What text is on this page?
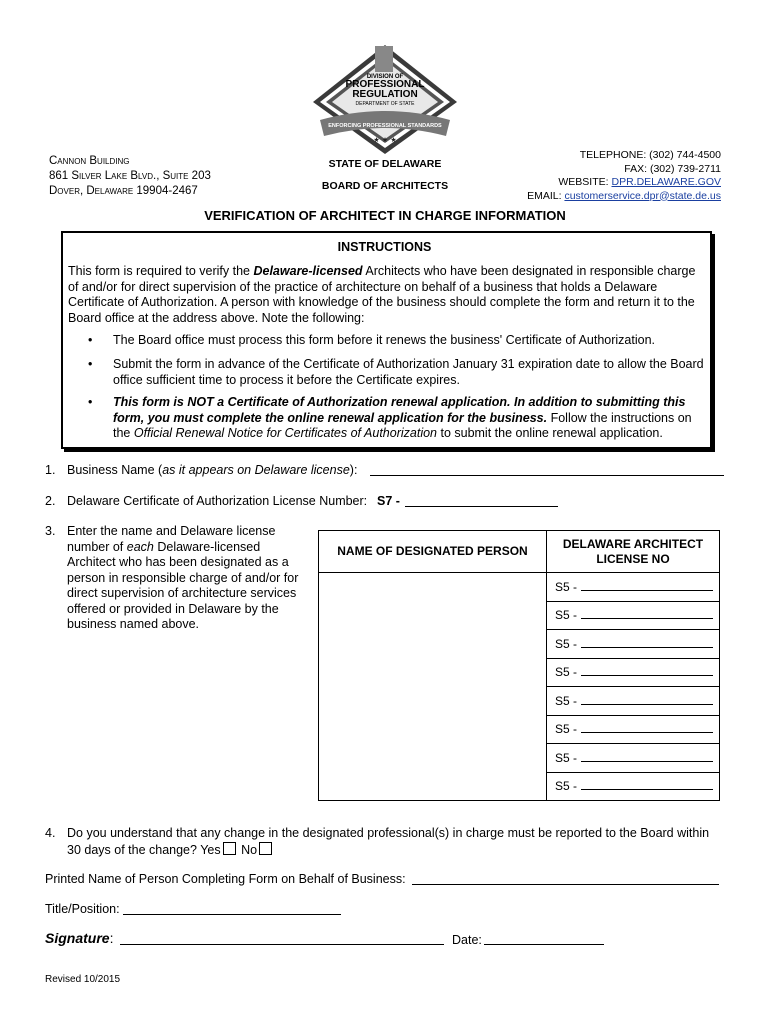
DIVISION OF
PROFESSIONAL
REGULATION
DEPARTMENT OF STATE
ENFORCING PROFESSIONAL STANDARDS
★ ★ ★
Cannon Building
861 Silver Lake Blvd., Suite 203
Dover, Delaware 19904-2467
STATE OF DELAWARE
BOARD OF ARCHITECTS
TELEPHONE: (302) 744-4500
FAX: (302) 739-2711
WEBSITE: DPR.DELAWARE.GOV
EMAIL: customerservice.dpr@state.de.us
VERIFICATION OF ARCHITECT IN CHARGE INFORMATION
INSTRUCTIONS
This form is required to verify the Delaware-licensed Architects who have been designated in responsible charge of and/or for direct supervision of the practice of architecture on behalf of a business that holds a Delaware Certificate of Authorization. A person with knowledge of the business should complete the form and return it to the Board office at the address above. Note the following:
• The Board office must process this form before it renews the business' Certificate of Authorization.
• Submit the form in advance of the Certificate of Authorization January 31 expiration date to allow the Board office sufficient time to process it before the Certificate expires.
• This form is NOT a Certificate of Authorization renewal application. In addition to submitting this form, you must complete the online renewal application for the business. Follow the instructions on the Official Renewal Notice for Certificates of Authorization to submit the online renewal application.
1. Business Name (as it appears on Delaware license):
2. Delaware Certificate of Authorization License Number: S7 -
3. Enter the name and Delaware license number of each Delaware-licensed Architect who has been designated as a person in responsible charge of and/or for direct supervision of architecture services offered or provided in Delaware by the business named above.
NAME OF DESIGNATED PERSON	DELAWARE ARCHITECT LICENSE NO
	S5 -
	S5 -
	S5 -
	S5 -
	S5 -
	S5 -
	S5 -
	S5 -
4. Do you understand that any change in the designated professional(s) in charge must be reported to the Board within
30 days of the change? Yes No
Printed Name of Person Completing Form on Behalf of Business:
Title/Position:
Signature:	Date:
Revised 10/2015
